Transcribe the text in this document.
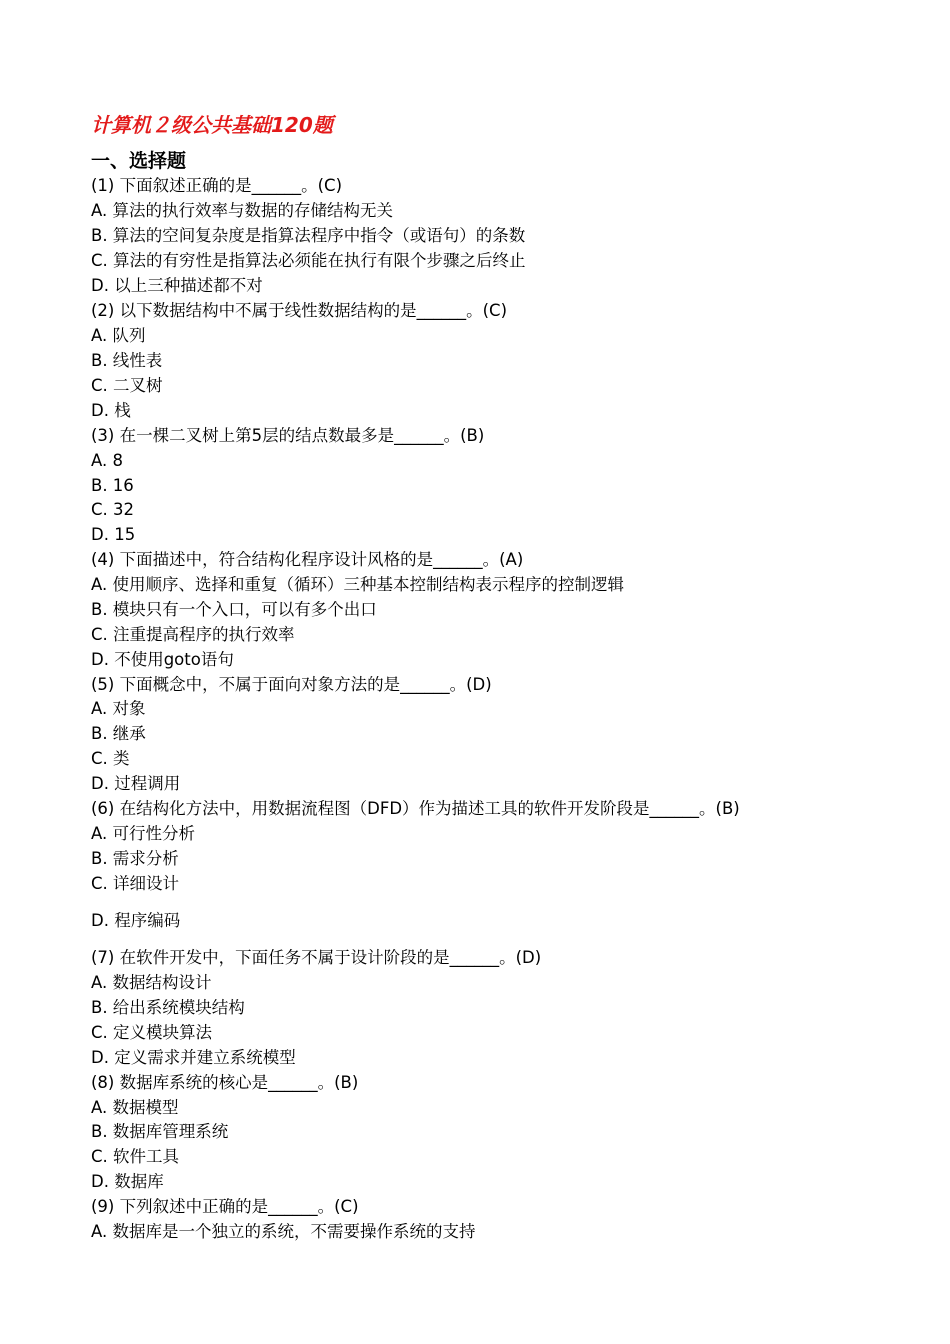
计算机２级公共基础120题
一、选择题
(1) 下面叙述正确的是______。(C)
A. 算法的执行效率与数据的存储结构无关
B. 算法的空间复杂度是指算法程序中指令（或语句）的条数
C. 算法的有穷性是指算法必须能在执行有限个步骤之后终止
D. 以上三种描述都不对
(2) 以下数据结构中不属于线性数据结构的是______。(C)
A. 队列
B. 线性表
C. 二叉树
D. 栈
(3) 在一棵二叉树上第5层的结点数最多是______。(B)
A. 8
B. 16
C. 32
D. 15
(4) 下面描述中，符合结构化程序设计风格的是______。(A)
A. 使用顺序、选择和重复（循环）三种基本控制结构表示程序的控制逻辑
B. 模块只有一个入口，可以有多个出口
C. 注重提高程序的执行效率
D. 不使用goto语句
(5) 下面概念中，不属于面向对象方法的是______。(D)
A. 对象
B. 继承
C. 类
D. 过程调用
(6) 在结构化方法中，用数据流程图（DFD）作为描述工具的软件开发阶段是______。(B)
A. 可行性分析
B. 需求分析
C. 详细设计
D. 程序编码
(7) 在软件开发中，下面任务不属于设计阶段的是______。(D)
A. 数据结构设计
B. 给出系统模块结构
C. 定义模块算法
D. 定义需求并建立系统模型
(8) 数据库系统的核心是______。(B)
A. 数据模型
B. 数据库管理系统
C. 软件工具
D. 数据库
(9) 下列叙述中正确的是______。(C)
A. 数据库是一个独立的系统，不需要操作系统的支持
